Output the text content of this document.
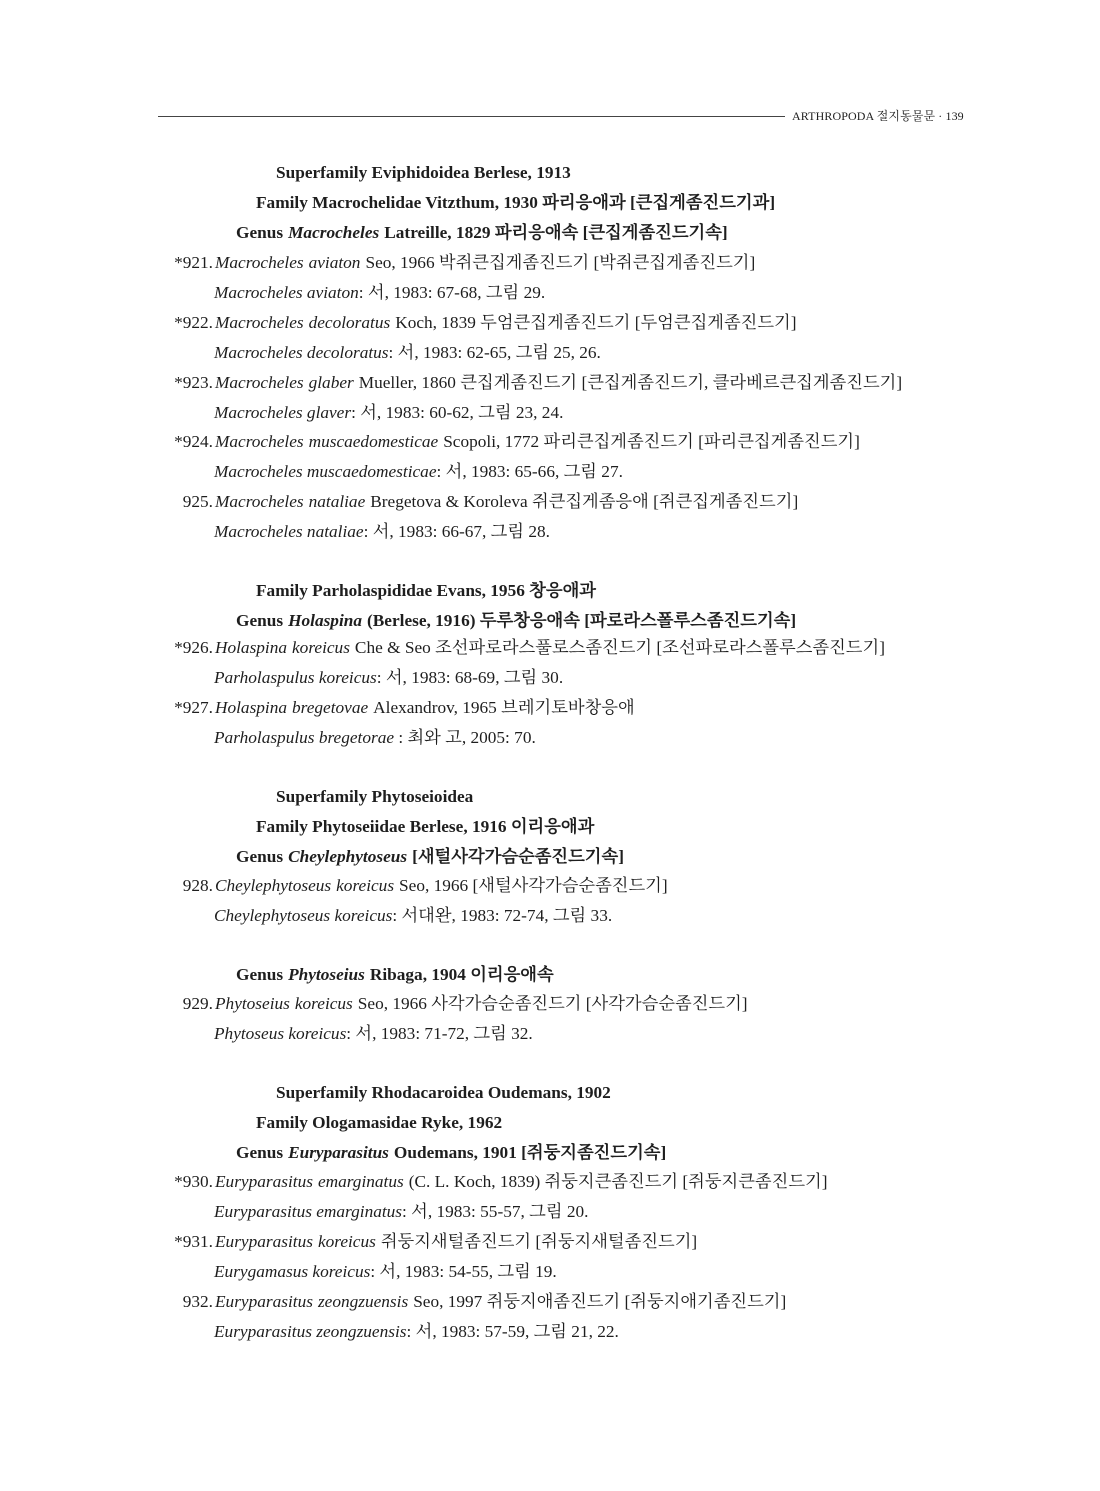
ARTHROPODA 절지동물문 · 139
Superfamily Eviphidoidea Berlese, 1913
Family Macrochelidae Vitzthum, 1930 파리응애과 [큰집게좀진드기과]
Genus Macrocheles Latreille, 1829 파리응애속 [큰집게좀진드기속]
*921. Macrocheles aviaton Seo, 1966 박쥐큰집게좀진드기 [박쥐큰집게좀진드기]
Macrocheles aviaton: 서, 1983: 67-68, 그림 29.
*922. Macrocheles decoloratus Koch, 1839 두엄큰집게좀진드기 [두엄큰집게좀진드기]
Macrocheles decoloratus: 서, 1983: 62-65, 그림 25, 26.
*923. Macrocheles glaber Mueller, 1860 큰집게좀진드기 [큰집게좀진드기, 클라베르큰집게좀진드기]
Macrocheles glaver: 서, 1983: 60-62, 그림 23, 24.
*924. Macrocheles muscaedomesticae Scopoli, 1772 파리큰집게좀진드기 [파리큰집게좀진드기]
Macrocheles muscaedomesticae: 서, 1983: 65-66, 그림 27.
925. Macrocheles nataliae Bregetova & Koroleva 쥐큰집게좀응애 [쥐큰집게좀진드기]
Macrocheles nataliae: 서, 1983: 66-67, 그림 28.
Family Parholaspididae Evans, 1956 창응애과
Genus Holaspina (Berlese, 1916) 두루창응애속 [파로라스폴루스좀진드기속]
*926. Holaspina koreicus Che & Seo 조선파로라스풀로스좀진드기 [조선파로라스폴루스좀진드기]
Parholaspulus koreicus: 서, 1983: 68-69, 그림 30.
*927. Holaspina bregetovae Alexandrov, 1965 브레기토바창응애
Parholaspulus bregetorae : 최와 고, 2005: 70.
Superfamily Phytoseioidea
Family Phytoseiidae Berlese, 1916 이리응애과
Genus Cheylephytoseus [새털사각가슴순좀진드기속]
928. Cheylephytoseus koreicus Seo, 1966 [새털사각가슴순좀진드기]
Cheylephytoseus koreicus: 서대완, 1983: 72-74, 그림 33.
Genus Phytoseius Ribaga, 1904 이리응애속
929. Phytoseius koreicus Seo, 1966 사각가슴순좀진드기 [사각가슴순좀진드기]
Phytoseus koreicus: 서, 1983: 71-72, 그림 32.
Superfamily Rhodacaroidea Oudemans, 1902
Family Ologamasidae Ryke, 1962
Genus Euryparasitus Oudemans, 1901 [쥐둥지좀진드기속]
*930. Euryparasitus emarginatus (C. L. Koch, 1839) 쥐둥지큰좀진드기 [쥐둥지큰좀진드기]
Euryparasitus emarginatus: 서, 1983: 55-57, 그림 20.
*931. Euryparasitus koreicus 쥐둥지새털좀진드기 [쥐둥지새털좀진드기]
Eurygamasus koreicus: 서, 1983: 54-55, 그림 19.
932. Euryparasitus zeongzuensis Seo, 1997 쥐둥지애좀진드기 [쥐둥지애기좀진드기]
Euryparasitus zeongzuensis: 서, 1983: 57-59, 그림 21, 22.
